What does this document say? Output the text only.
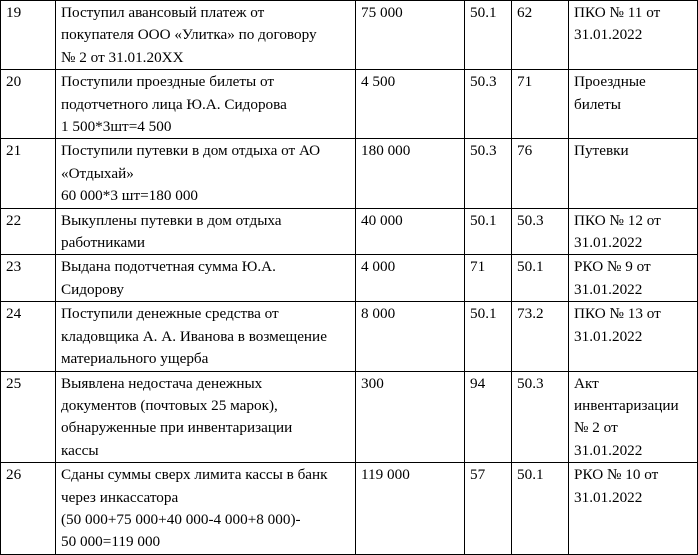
19	Поступил авансовый платеж от
покупателя ООО «Улитка» по договору
№ 2 от 31.01.20XX	75 000	50.1	62	ПКО № 11 от
31.01.2022

20	Поступили проездные билеты от
подотчетного лица Ю.А. Сидорова
1 500*3шт=4 500	4 500	50.3	71	Проездные
билеты

21	Поступили путевки в дом отдыха от АО
«Отдыхай»
60 000*3 шт=180 000	180 000	50.3	76	Путевки

22	Выкуплены путевки в дом отдыха
работниками	40 000	50.1	50.3	ПКО № 12 от
31.01.2022

23	Выдана подотчетная сумма Ю.А.
Сидорову	4 000	71	50.1	РКО № 9 от
31.01.2022

24	Поступили денежные средства от
кладовщика А. А. Иванова в возмещение
материального ущерба	8 000	50.1	73.2	ПКО № 13 от
31.01.2022

25	Выявлена недостача денежных
документов (почтовых 25 марок),
обнаруженные при инвентаризации
кассы	300	94	50.3	Акт
инвентаризации
№ 2 от
31.01.2022

26	Сданы суммы сверх лимита кассы в банк
через инкассатора
(50 000+75 000+40 000-4 000+8 000)-
50 000=119 000	119 000	57	50.1	РКО № 10 от
31.01.2022
